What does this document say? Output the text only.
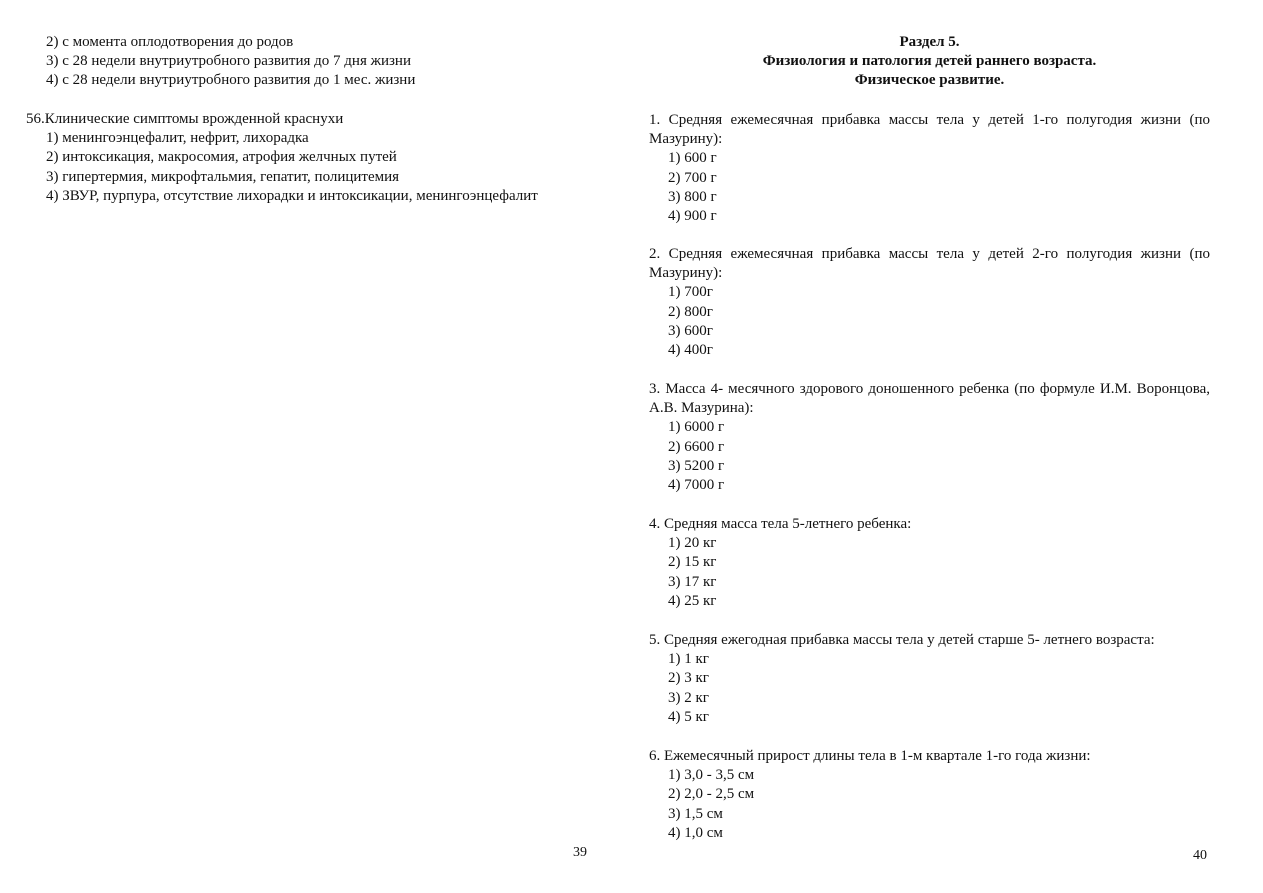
2) с момента оплодотворения до родов
3) с 28 недели внутриутробного развития до 7 дня жизни
4) с 28 недели внутриутробного развития до 1 мес. жизни
56.Клинические симптомы врожденной краснухи
1) менингоэнцефалит, нефрит, лихорадка
2) интоксикация, макросомия, атрофия желчных путей
3) гипертермия, микрофтальмия, гепатит, полицитемия
4) ЗВУР, пурпура, отсутствие лихорадки и интоксикации, менингоэнцефалит
39
Раздел 5.
Физиология и патология детей раннего возраста.
Физическое развитие.
1. Средняя ежемесячная прибавка массы тела у детей 1-го полугодия жизни (по Мазурину):
1) 600 г
2) 700 г
3) 800 г
4) 900 г
2. Средняя ежемесячная прибавка массы тела у детей 2-го полугодия жизни (по Мазурину):
1) 700г
2) 800г
3) 600г
4) 400г
3. Масса 4- месячного здорового доношенного ребенка (по формуле И.М. Воронцова, А.В. Мазурина):
1) 6000 г
2) 6600 г
3) 5200 г
4) 7000 г
4. Средняя масса тела 5-летнего ребенка:
1) 20 кг
2) 15 кг
3) 17 кг
4) 25 кг
5. Средняя ежегодная прибавка массы тела у детей старше 5- летнего возраста:
1) 1 кг
2) 3 кг
3) 2 кг
4) 5 кг
6. Ежемесячный прирост длины тела в 1-м квартале 1-го года жизни:
1) 3,0 - 3,5 см
2) 2,0 - 2,5 см
3) 1,5 см
4) 1,0 см
40
